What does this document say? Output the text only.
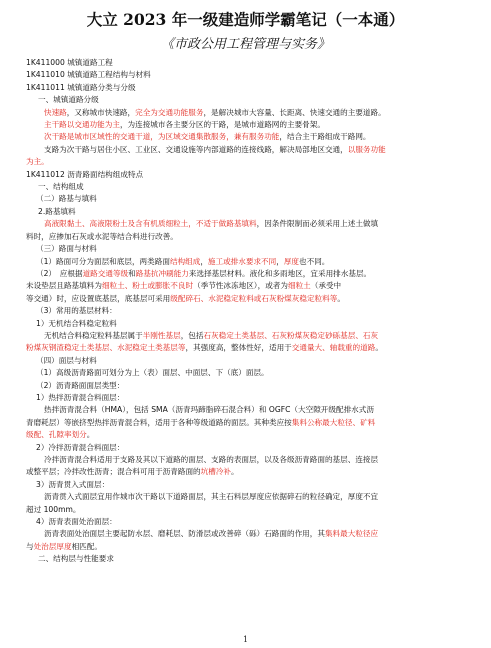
大立 2023 年一级建造师学霸笔记（一本通）
《市政公用工程管理与实务》
1K411000 城镇道路工程
1K411010 城镇道路工程结构与材料
1K411011 城镇道路分类与分级
一、城镇道路分级
快速路，又称城市快速路，完全为交通功能服务，是解决城市大容量、长距离、快速交通的主要道路。
主干路以交通功能为主，为连接城市各主要分区的干路，是城市道路网的主要骨架。
次干路是城市区域性的交通干道，为区域交通集散服务，兼有服务功能，结合主干路组成干路网。
支路为次干路与居住小区、工业区、交通设施等内部道路的连接线路，解决局部地区交通，以服务功能
为主。
1K411012 沥青路面结构组成特点
一、结构组成
（二）路基与填料
2.路基填料
高液限黏土、高液限粉土及含有机质细粒土，不适于做路基填料，因条件限制而必须采用上述土做填
料时，应掺加石灰或水泥等结合料进行改善。
（三）路面与材料
（1）路面可分为面层和底层，两类路面结构组成，施工或排水要求不同，厚度也不同。
（2）　应根据道路交通等级和路基抗冲刷能力来选择基层材料。液化和多雨地区，宜采用排水基层。
未设垫层且路基填料为细粒土、粉土或膨胀不良时（季节性冰冻地区），或者为细粒土（承受中
等交通）时，应设置底基层，底基层可采用级配碎石、水泥稳定粒料或石灰粉煤灰稳定粒料等。
（3）常用的基层材料：
1）无机结合料稳定粒料
无机结合料稳定粒料基层属于半刚性基层，包括石灰稳定土类基层、石灰粉煤灰稳定砂砾基层、石灰
粉煤灰钢渣稳定土类基层、水泥稳定土类基层等，其强度高，整体性好，适用于交通量大、轴载重的道路。
（四）面层与材料
（1）高级沥青路面可划分为上（表）面层、中面层、下（底）面层。
（2）沥青路面面层类型：
1）热拌沥青混合料面层：
热拌沥青混合料（HMA），包括 SMA（沥青玛蹄脂碎石混合料）和 OGFC（大空隙开级配排水式沥
青磨耗层）等嵌挤型热拌沥青混合料，适用于各种等级道路的面层。其种类应按集料公称最大粒径、矿料
级配、孔隙率划分。
2）冷拌沥青混合料面层：
冷拌沥青混合料适用于支路及其以下道路的面层、支路的表面层，以及各级沥青路面的基层、连接层
或整平层；冷拌改性沥青；混合料可用于沥青路面的坑槽冷补。
3）沥青贯入式面层：
沥青贯入式面层宜用作城市次干路以下道路面层，其主石料层厚度应依据碎石的粒径确定，厚度不宜
超过 100mm。
4）沥青表面处治面层：
沥青表面处治面层主要起防水层、磨耗层、防滑层或改善碎（砾）石路面的作用，其集料最大粒径应
与处治层厚度相匹配。
二、结构层与性能要求
1
